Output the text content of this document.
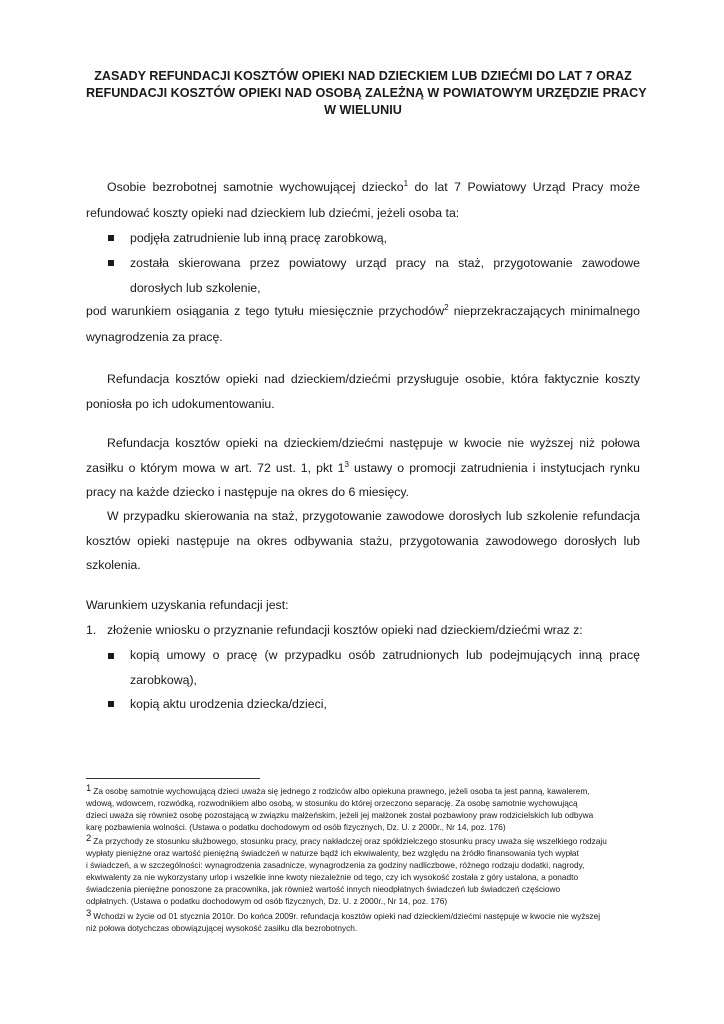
ZASADY REFUNDACJI KOSZTÓW OPIEKI NAD DZIECKIEM LUB DZIEĆMI DO LAT 7 ORAZ
REFUNDACJI KOSZTÓW OPIEKI NAD OSOBĄ ZALEŻNĄ W POWIATOWYM URZĘDZIE PRACY
W WIELUNIU
Osobie bezrobotnej samotnie wychowującej dziecko$^1$ do lat 7 Powiatowy Urząd Pracy może
refundować koszty opieki nad dzieckiem lub dziećmi, jeżeli osoba ta:
podjęła zatrudnienie lub inną pracę zarobkową,
została skierowana przez powiatowy urząd pracy na staż, przygotowanie zawodowe
dorosłych lub szkolenie,
pod warunkiem osiągania z tego tytułu miesięcznie przychodów$^2$ nieprzekraczających minimalnego
wynagrodzenia za pracę.
Refundacja kosztów opieki nad dzieckiem/dziećmi przysługuje osobie, która faktycznie koszty
poniosła po ich udokumentowaniu.
Refundacja kosztów opieki na dzieckiem/dziećmi następuje w kwocie nie wyższej niż połowa
zasiłku o którym mowa w art. 72 ust. 1, pkt $1^3$ ustawy o promocji zatrudnienia i instytucjach rynku
pracy na każde dziecko i następuje na okres do 6 miesięcy.
W przypadku skierowania na staż, przygotowanie zawodowe dorosłych lub szkolenie refundacja
kosztów opieki następuje na okres odbywania stażu, przygotowania zawodowego dorosłych lub
szkolenia.
Warunkiem uzyskania refundacji jest:
1. złożenie wniosku o przyznanie refundacji kosztów opieki nad dzieckiem/dziećmi wraz z:
kopią umowy o pracę (w przypadku osób zatrudnionych lub podejmujących inną pracę
zarobkową),
kopią aktu urodzenia dziecka/dzieci,
1 Za osobę samotnie wychowującą dzieci uważa się jednego z rodziców albo opiekuna prawnego, jeżeli osoba ta jest panną, kawalerem,
wdową, wdowcem, rozwódką, rozwodnikiem albo osobą, w stosunku do której orzeczono separację. Za osobę samotnie wychowującą
dzieci uważa się również osobę pozostającą w związku małżeńskim, jeżeli jej małżonek został pozbawiony praw rodzicielskich lub odbywa
karę pozbawienia wolności. (Ustawa o podatku dochodowym od osób fizycznych, Dz. U. z 2000r., Nr 14, poz. 176)
2 Za przychody ze stosunku służbowego, stosunku pracy, pracy nakładczej oraz spółdzielczego stosunku pracy uważa się wszelkiego rodzaju
wypłaty pieniężne oraz wartość pieniężną świadczeń w naturze bądź ich ekwiwalenty, bez względu na źródło finansowania tych wypłat
i świadczeń, a w szczególności: wynagrodzenia zasadnicze, wynagrodzenia za godziny nadliczbowe, różnego rodzaju dodatki, nagrody,
ekwiwalenty za nie wykorzystany urlop i wszelkie inne kwoty niezależnie od tego, czy ich wysokość została z góry ustalona, a ponadto
świadczenia pieniężne ponoszone za pracownika, jak również wartość innych nieodpłatnych świadczeń lub świadczeń częściowo
odpłatnych. (Ustawa o podatku dochodowym od osób fizycznych, Dz. U. z 2000r., Nr 14, poz. 176)
3 Wchodzi w życie od 01 stycznia 2010r. Do końca 2009r. refundacja kosztów opieki nad dzieckiem/dziećmi następuje w kwocie nie wyższej
niż połowa dotychczas obowiązującej wysokość zasiłku dla bezrobotnych.
